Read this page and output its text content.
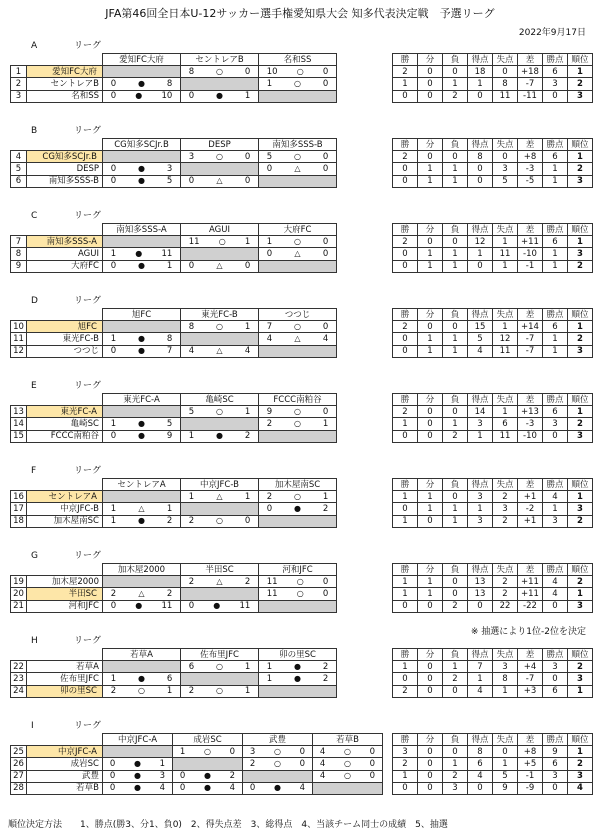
JFA第46回全日本U-12サッカー選手権愛知県大会 知多代表決定戦　予選リーグ
2022年9月17日
A	リーグ
		愛知FC大府	セントレアB	名和SS		勝	分	負	得点	失点	差	勝点	順位
1	愛知FC大府		8 ○ 0	10 ○ 0		2	0	0	18	0	+18	6	1
2	セントレアB	0 ● 8		1 ○ 0		1	0	1	1	8	-7	3	2
3	名和SS	0 ● 10	0 ● 1			0	0	2	0	11	-11	0	3
B	リーグ
		CG知多SCJr.B	DESP	南知多SSS-B		勝	分	負	得点	失点	差	勝点	順位
4	CG知多SCJr.B		3 ○ 0	5 ○ 0		2	0	0	8	0	+8	6	1
5	DESP	0 ● 3		0 △ 0		0	1	1	0	3	-3	1	2
6	南知多SSS-B	0 ● 5	0 △ 0			0	1	1	0	5	-5	1	3
C	リーグ
		南知多SSS-A	AGUI	大府FC		勝	分	負	得点	失点	差	勝点	順位
7	南知多SSS-A		11 ○ 1	1 ○ 0		2	0	0	12	1	+11	6	1
8	AGUI	1 ● 11		0 △ 0		0	1	1	1	11	-10	1	3
9	大府FC	0 ● 1	0 △ 0			0	1	1	0	1	-1	1	2
D	リーグ
		旭FC	東光FC-B	つつじ		勝	分	負	得点	失点	差	勝点	順位
10	旭FC		8 ○ 1	7 ○ 0		2	0	0	15	1	+14	6	1
11	東光FC-B	1 ● 8		4 △ 4		0	1	1	5	12	-7	1	2
12	つつじ	0 ● 7	4 △ 4			0	1	1	4	11	-7	1	3
E	リーグ
		東光FC-A	亀崎SC	FCCC南粕谷		勝	分	負	得点	失点	差	勝点	順位
13	東光FC-A		5 ○ 1	9 ○ 0		2	0	0	14	1	+13	6	1
14	亀崎SC	1 ● 5		2 ○ 1		1	0	1	3	6	-3	3	2
15	FCCC南粕谷	0 ● 9	1 ● 2			0	0	2	1	11	-10	0	3
F	リーグ
		セントレアA	中京JFC-B	加木屋南SC		勝	分	負	得点	失点	差	勝点	順位
16	セントレアA		1 △ 1	2 ○ 1		1	1	0	3	2	+1	4	1
17	中京JFC-B	1 △ 1		0 ● 2		0	1	1	1	3	-2	1	3
18	加木屋南SC	1 ● 2	2 ○ 0			1	0	1	3	2	+1	3	2
G	リーグ
		加木屋2000	半田SC	河和JFC		勝	分	負	得点	失点	差	勝点	順位
19	加木屋2000		2 △ 2	11 ○ 0		1	1	0	13	2	+11	4	2
20	半田SC	2 △ 2		11 ○ 0		1	1	0	13	2	+11	4	1
21	河和JFC	0 ● 11	0 ● 11			0	0	2	0	22	-22	0	3
H	リーグ
		若草A	佐布里JFC	卯の里SC		勝	分	負	得点	失点	差	勝点	順位
22	若草A		6 ○ 1	1 ● 2		1	0	1	7	3	+4	3	2
23	佐布里JFC	1 ● 6		1 ● 2		0	0	2	1	8	-7	0	3
24	卯の里SC	2 ○ 1	2 ○ 1			2	0	0	4	1	+3	6	1
I	リーグ
		中京JFC-A	成岩SC	武豊	若草B		勝	分	負	得点	失点	差	勝点	順位
25	中京JFC-A		1 ○ 0	3 ○ 0	4 ○ 0		3	0	0	8	0	+8	9	1
26	成岩SC	0 ● 1		2 ○ 0	4 ○ 0		2	0	1	6	1	+5	6	2
27	武豊	0 ● 3	0 ● 2		4 ○ 0		1	0	2	4	5	-1	3	3
28	若草B	0 ● 4	0 ● 4	0 ● 4			0	0	3	0	9	-9	0	4
※ 抽選により1位-2位を決定
順位決定方法　　1、勝点(勝3、分1、負0)　2、得失点差　3、総得点　4、当該チーム同士の成績　5、抽選
